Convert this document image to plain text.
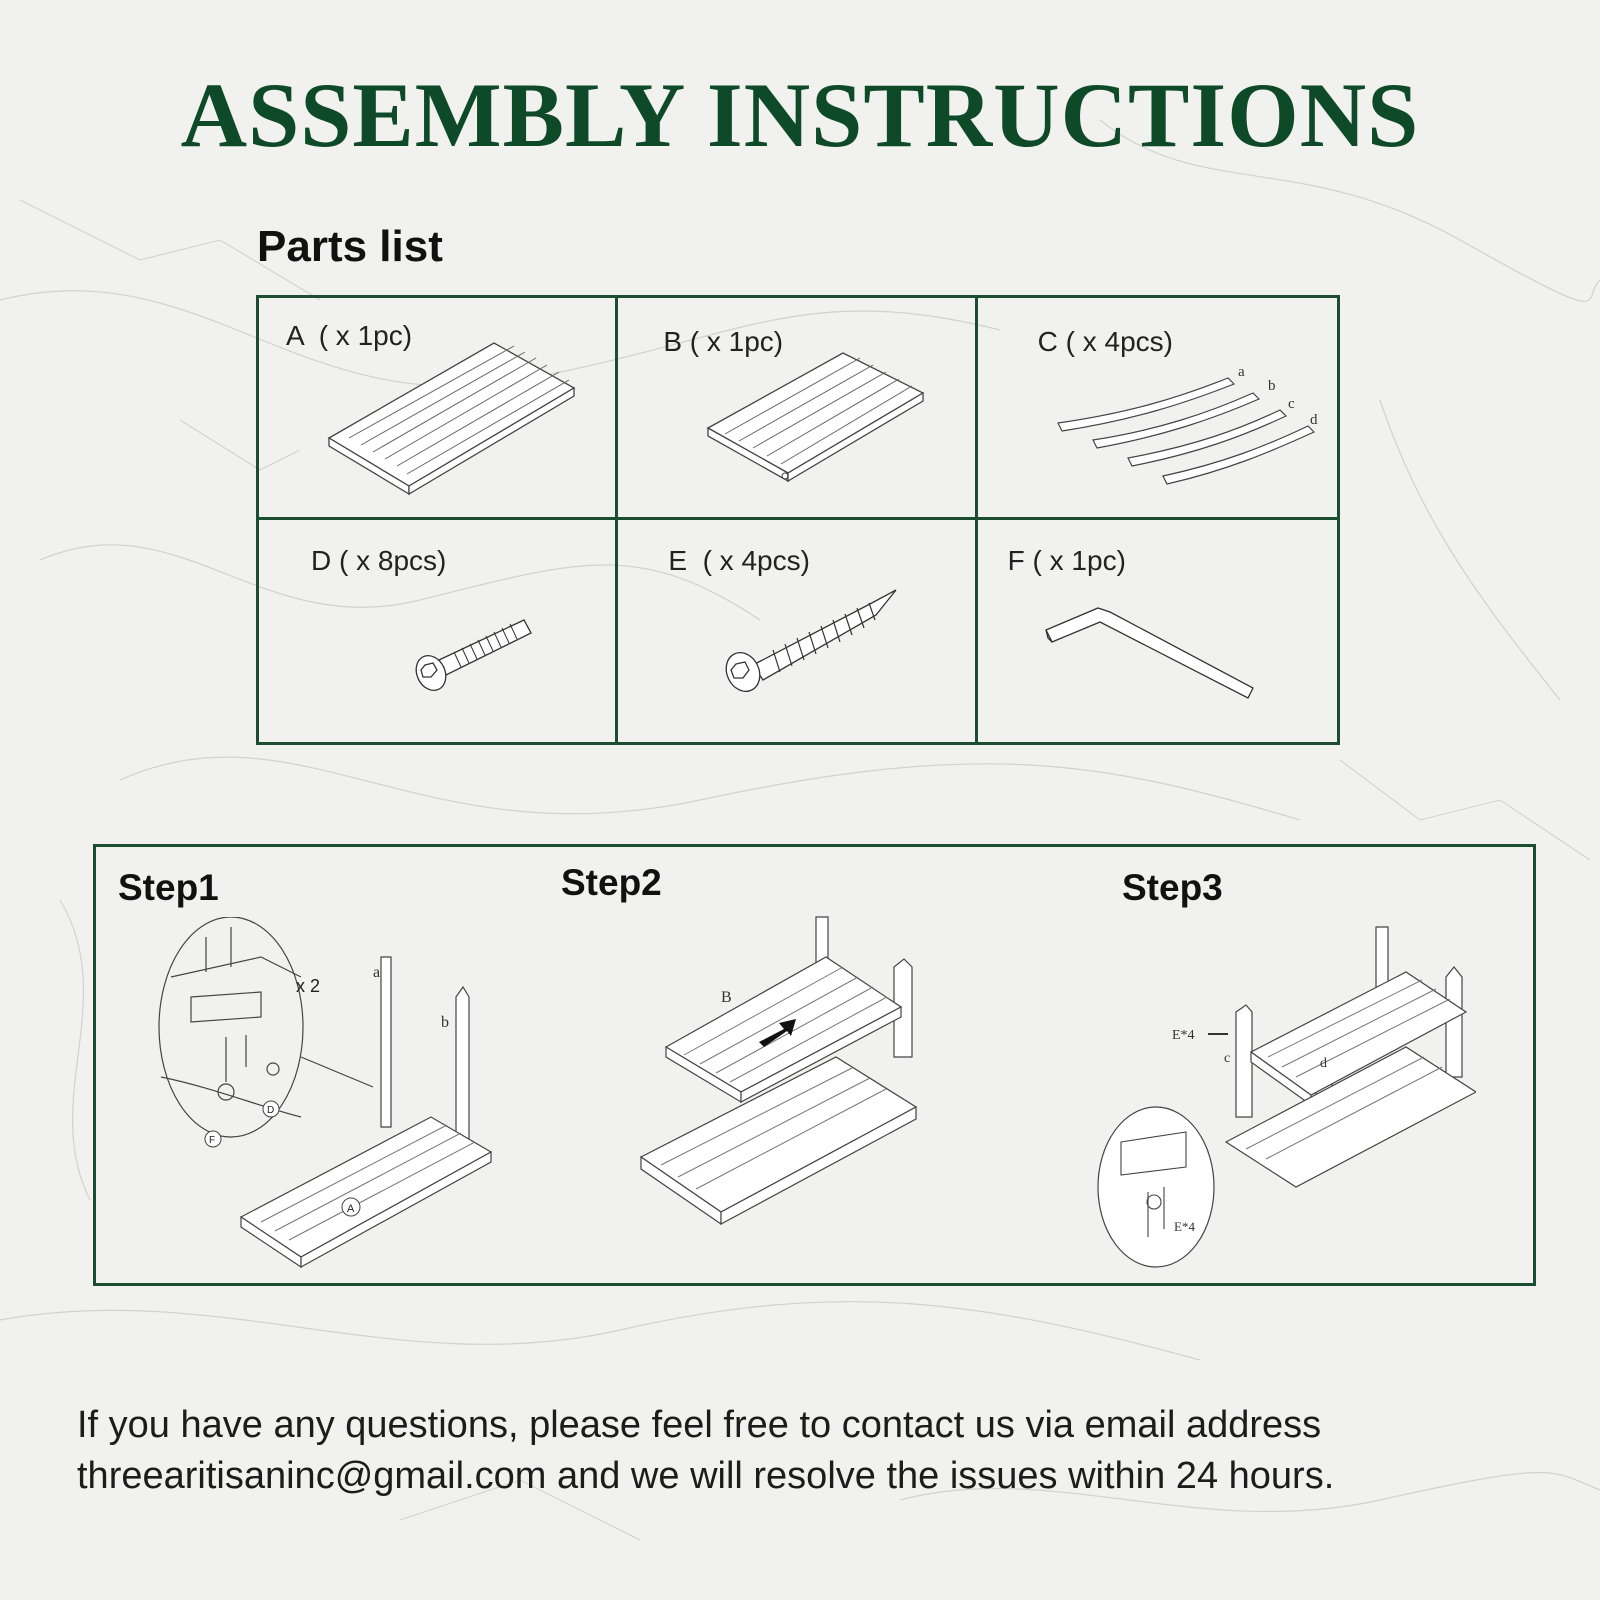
ASSEMBLY INSTRUCTIONS
Parts list
A  ( x 1pc)	B ( x 1pc)	C ( x 4pcs)
a
b
c
d
D ( x 8pcs)	E  ( x 4pcs)	F ( x 1pc)
Step1
x 2
a
b
A
D
F
Step2
B
Step3
E*4
c	d
E*4

If you have any questions, please feel free to contact us via email address
threearitisaninc@gmail.com and we will resolve the issues within 24 hours.
